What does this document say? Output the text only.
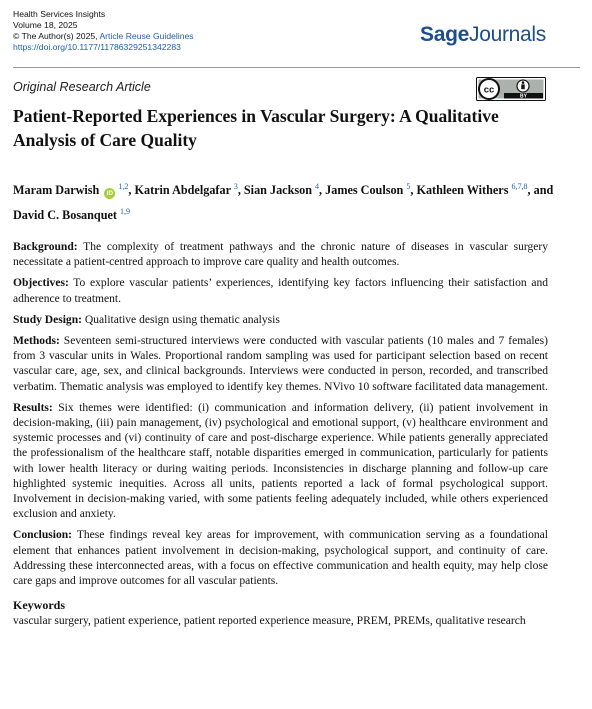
Health Services Insights
Volume 18, 2025
© The Author(s) 2025, Article Reuse Guidelines
https://doi.org/10.1177/11786329251342283
SageJournals
Original Research Article
BY
cc
Patient-Reported Experiences in Vascular Surgery: A Qualitative Analysis of Care Quality
Maram Darwish iD $^{1,2}$, Katrin Abdelgafar $^3$, Sian Jackson $^4$, James Coulson $^5$, Kathleen Withers $^{6,7,8}$, and David C. Bosanquet $^{1,9}$

Background: The complexity of treatment pathways and the chronic nature of diseases in vascular surgery necessitate a patient-centred approach to improve care quality and health outcomes.

Objectives: To explore vascular patients’ experiences, identifying key factors influencing their satisfaction and adherence to treatment.

Study Design: Qualitative design using thematic analysis

Methods: Seventeen semi-structured interviews were conducted with vascular patients (10 males and 7 females) from 3 vascular units in Wales. Proportional random sampling was used for participant selection based on recent vascular care, age, sex, and clinical backgrounds. Interviews were conducted in person, recorded, and transcribed verbatim. Thematic analysis was employed to identify key themes. NVivo 10 software facilitated data management.

Results: Six themes were identified: (i) communication and information delivery, (ii) patient involvement in decision-making, (iii) pain management, (iv) psychological and emotional support, (v) healthcare environment and systemic processes and (vi) continuity of care and post-discharge experience. While patients generally appreciated the professionalism of the healthcare staff, notable disparities emerged in communication, particularly for patients with lower health literacy or during waiting periods. Inconsistencies in discharge planning and follow-up care highlighted systemic inequities. Across all units, patients reported a lack of formal psychological support. Involvement in decision-making varied, with some patients feeling adequately included, while others experienced exclusion and anxiety.

Conclusion: These findings reveal key areas for improvement, with communication serving as a foundational element that enhances patient involvement in decision-making, psychological support, and continuity of care. Addressing these interconnected areas, with a focus on effective communication and health equity, may help close care gaps and improve outcomes for all vascular patients.

Keywords

vascular surgery, patient experience, patient reported experience measure, PREM, PREMs, qualitative research
